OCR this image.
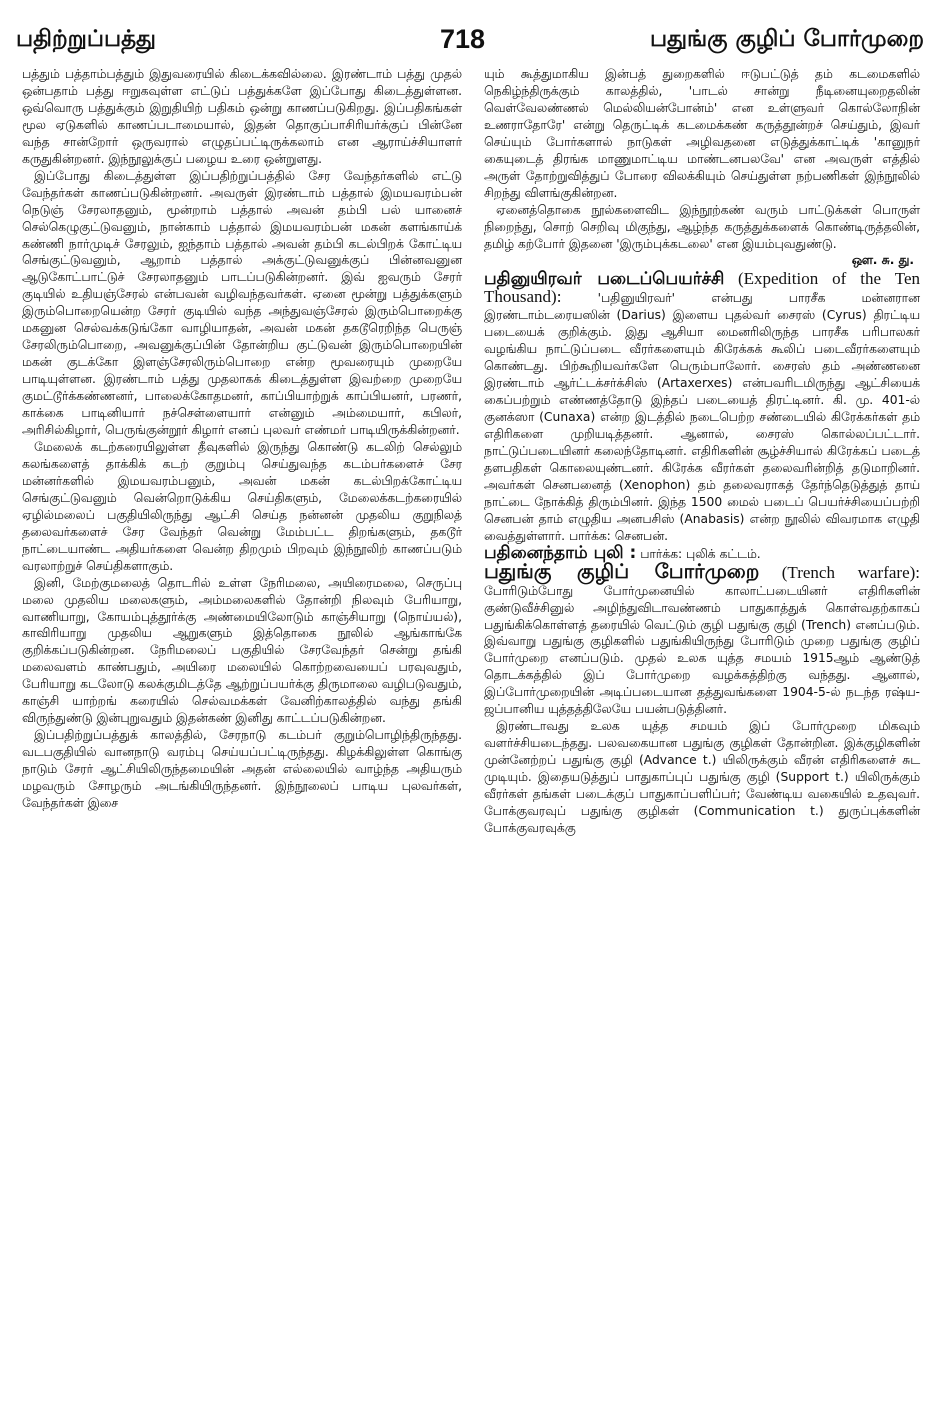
பதிற்றுப்பத்து	718	பதுங்கு குழிப் போர்முறை

பத்தும் பத்தாம்பத்தும் இதுவரையில் கிடைக்கவில்லை. இரண்டாம் பத்து முதல் ஒன்பதாம் பத்து ஈறுகவுள்ள எட்டுப் பத்துக்களே இப்போது கிடைத்துள்ளன. ஒவ்வொரு பத்துக்கும் இறுதியிற் பதிகம் ஒன்று காணப்படுகிறது. இப்பதிகங்கள் மூல ஏடுகளில் காணப்படாமையால், இதன் தொகுப்பாசிரியர்க்குப் பின்னே வந்த சான்றோர் ஒருவரால் எழுதப்பட்டிருக்கலாம் என ஆராய்ச்சியாளர் கருதுகின்றனர். இந்நூலுக்குப் பழைய உரை ஒன்றுளது.

இப்போது கிடைத்துள்ள இப்பதிற்றுப்பத்தில் சேர வேந்தர்களில் எட்டு வேந்தர்கள் காணப்படுகின்றனர். அவருள் இரண்டாம் பத்தால் இமயவரம்பன் நெடுஞ் சேரலாதனும், மூன்றாம் பத்தால் அவன் தம்பி பல் யானைச் செல்கெழுகுட்டுவனும், நான்காம் பத்தால் இமயவரம்பன் மகன் களங்காய்க் கண்ணி நார்முடிச் சேரலும், ஐந்தாம் பத்தால் அவன் தம்பி கடல்பிறக் கோட்டிய செங்குட்டுவனும், ஆறாம் பத்தால் அக்குட்டுவனுக்குப் பின்னவனுன ஆடுகோட்பாட்டுச் சேரலாதனும் பாடப்படுகின்றனர். இவ் ஐவரும் சேரர் குடியில் உதியஞ்சேரல் என்பவன் வழிவந்தவர்கள். ஏனை மூன்று பத்துக்களும் இரும்பொறையென்ற சேரர் குடியில் வந்த அந்துவஞ்சேரல் இரும்பொறைக்கு மகனுன செல்வக்கடுங்கோ வாழியாதன், அவன் மகன் தகடூரெறிந்த பெருஞ் சேரலிரும்பொறை, அவனுக்குப்பின் தோன்றிய குட்டுவன் இரும்பொறையின் மகன் குடக்கோ இளஞ்சேரலிரும்பொறை என்ற மூவரையும் முறையே பாடியுள்ளன. இரண்டாம் பத்து முதலாகக் கிடைத்துள்ள இவற்றை முறையே குமட்டூர்க்கண்ணனர், பாலைக்கோதமனர், காப்பியாற்றுக் காப்பியனர், பரணர், காக்கை பாடினியார் நச்செள்ளையார் என்னும் அம்மையார், கபிலர், அரிசில்கிழார், பெருங்குன்றூர் கிழார் எனப் புலவர் எண்மர் பாடியிருக்கின்றனர்.

மேலைக் கடற்கரையிலுள்ள தீவுகளில் இருந்து கொண்டு கடலிற் செல்லும் கலங்களைத் தாக்கிக் கடற் குறும்பு செய்துவந்த கடம்பர்களைச் சேர மன்னர்களில் இமயவரம்பனும், அவன் மகன் கடல்பிறக்கோட்டிய செங்குட்டுவனும் வென்றொடுக்கிய செய்திகளும், மேலைக்கடற்கரையில் ஏழில்மலைப் பகுதியிலிருந்து ஆட்சி செய்த நன்னன் முதலிய குறுநிலத் தலைவர்களைச் சேர வேந்தர் வென்று மேம்பட்ட திறங்களும், தகடூர் நாட்டையாண்ட அதியர்களை வென்ற திறமும் பிறவும் இந்நூலிற் காணப்படும் வரலாற்றுச் செய்திகளாகும்.

இனி, மேற்குமலைத் தொடரில் உள்ள நேரிமலை, அயிரைமலை, செருப்பு மலை முதலிய மலைகளும், அம்மலைகளில் தோன்றி நிலவும் பேரியாறு, வாணியாறு, கோயம்புத்தூர்க்கு அண்மையிலோடும் காஞ்சியாறு (நொய்யல்), காவிரியாறு முதலிய ஆறுகளும் இத்தொகை நூலில் ஆங்காங்கே குறிக்கப்படுகின்றன. நேரிமலைப் பகுதியில் சேரவேந்தர் சென்று தங்கி மலைவளம் காண்பதும், அயிரை மலையில் கொற்றவையைப் பரவுவதும், பேரியாறு கடலோடு கலக்குமிடத்தே ஆற்றுப்பயர்க்கு திருமாலை வழிபடுவதும், காஞ்சி யாற்றங் கரையில் செல்வமக்கள் வேனிற்காலத்தில் வந்து தங்கி விருந்துண்டு இன்புறுவதும் இதன்கண் இனிது காட்டப்படுகின்றன.

இப்பதிற்றுப்பத்துக் காலத்தில், சேரநாடு கடம்பர் குறும்பொழிந்திருந்தது. வடபகுதியில் வானநாடு வரம்பு செய்யப்பட்டிருந்தது. கிழக்கிலுள்ள கொங்கு நாடும் சேரர் ஆட்சியிலிருந்தமையின் அதன் எல்லையில் வாழ்ந்த அதியரும் மழவரும் சோழரும் அடங்கியிருந்தனர். இந்நூலைப் பாடிய புலவர்கள், வேந்தர்கள் இசை

யும் கூத்துமாகிய இன்பத் துறைகளில் ஈடுபட்டுத் தம் கடமைகளில் நெகிழ்ந்திருக்கும் காலத்தில், 'பாடல் சான்று நீடினையுறைதலின் வெள்வேலண்ணல் மெல்லியன்போன்ம்' என உள்ளுவர் கொல்லோநின் உணராதோரே' என்று தெருட்டிக் கடமைக்கண் கருத்தூன்றச் செய்தும், இவர் செய்யும் போர்களால் நாடுகள் அழிவதனை எடுத்துக்காட்டிக் 'கானுநர் கையுடைத் திரங்க மாணுமாட்டிய மாண்டனபலவே' என அவருள் எத்தில் அருள் தோற்றுவித்துப் போரை விலக்கியும் செய்துள்ள நற்பணிகள் இந்நூலில் சிறந்து விளங்குகின்றன.

ஏனைத்தொகை நூல்களைவிட இந்நூற்கண் வரும் பாட்டுக்கள் பொருள் நிறைந்து, சொற் செறிவு மிகுந்து, ஆழ்ந்த கருத்துக்களைக் கொண்டிருத்தலின், தமிழ் கற்போர் இதனை 'இரும்புக்கடலை' என இயம்புவதுண்டு.

ஔ. சு. து.

பதினுயிரவர் படைப்பெயர்ச்சி (Expedition of the Ten Thousand):	'பதினுயிரவர்' என்பது பாரசீக மன்னரான இரண்டாம்டரையஸின் (Darius) இளைய புதல்வர் சைரஸ் (Cyrus) திரட்டிய படையைக் குறிக்கும். இது ஆசியா மைனரிலிருந்த பாரசீக பரிபாலகர் வழங்கிய நாட்டுப்படை வீரர்களையும் கிரேக்கக் கூலிப் படைவீரர்களையும் கொண்டது. பிற்கூறியவர்களே பெரும்பாலோர். சைரஸ் தம் அண்ணனை இரண்டாம் ஆர்ட்டக்சர்க்சிஸ் (Artaxerxes) என்பவரிடமிருந்து ஆட்சியைக் கைப்பற்றும் எண்ணத்தோடு இந்தப் படையைத் திரட்டினர். கி. மு. 401-ல் குனக்ஸா (Cunaxa) என்ற இடத்தில் நடைபெற்ற சண்டையில் கிரேக்கர்கள் தம் எதிரிகளை முறியடித்தனர். ஆனால், சைரஸ் கொல்லப்பட்டார். நாட்டுப்படையினர் கலைந்தோடினர். எதிரிகளின் சூழ்ச்சியால் கிரேக்கப் படைத் தளபதிகள் கொலையுண்டனர். கிரேக்க வீரர்கள் தலைவரின்றித் தடுமாறினர். அவர்கள் செனபனைத் (Xenophon) தம் தலைவராகத் தேர்ந்தெடுத்துத் தாய் நாட்டை நோக்கித் திரும்பினர். இந்த 1500 மைல் படைப் பெயர்ச்சியைப்பற்றி செனபன் தாம் எழுதிய அனபசிஸ் (Anabasis) என்ற நூலில் விவரமாக எழுதி வைத்துள்ளார். பார்க்க: செனபன்.

பதினைந்தாம் புலி : பார்க்க: புலிக் கட்டம்.

பதுங்கு குழிப் போர்முறை (Trench warfare): போரிடும்போது போர்முனையில் காலாட்படையினர் எதிரிகளின் குண்டுவீச்சினுல் அழிந்துவிடாவண்ணம் பாதுகாத்துக் கொள்வதற்காகப் பதுங்கிக்கொள்ளத் தரையில் வெட்டும் குழி பதுங்கு குழி (Trench) எனப்படும். இவ்வாறு பதுங்கு குழிகளில் பதுங்கியிருந்து போரிடும் முறை பதுங்கு குழிப் போர்முறை எனப்படும். முதல் உலக யுத்த சமயம் 1915ஆம் ஆண்டுத் தொடக்கத்தில் இப் போர்முறை வழக்கத்திற்கு வந்தது. ஆனால், இப்போர்முறையின் அடிப்படையான தத்துவங்களை 1904-5-ல் நடந்த ரஷ்ய-ஜப்பானிய யுத்தத்திலேயே பயன்படுத்தினர்.

இரண்டாவது உலக யுத்த சமயம் இப் போர்முறை மிகவும் வளர்ச்சியடைந்தது. பலவகையான பதுங்கு குழிகள் தோன்றின. இக்குழிகளின் முன்னேற்றப் பதுங்கு குழி (Advance t.) யிலிருக்கும் வீரன் எதிரிகளைச் சுட முடியும். இதையடுத்துப் பாதுகாப்புப் பதுங்கு குழி (Support t.) யிலிருக்கும் வீரர்கள் தங்கள் படைக்குப் பாதுகாப்பளிப்பர்; வேண்டிய வகையில் உதவுவர். போக்குவரவுப் பதுங்கு குழிகள் (Communication t.) துருப்புக்களின் போக்குவரவுக்கு
